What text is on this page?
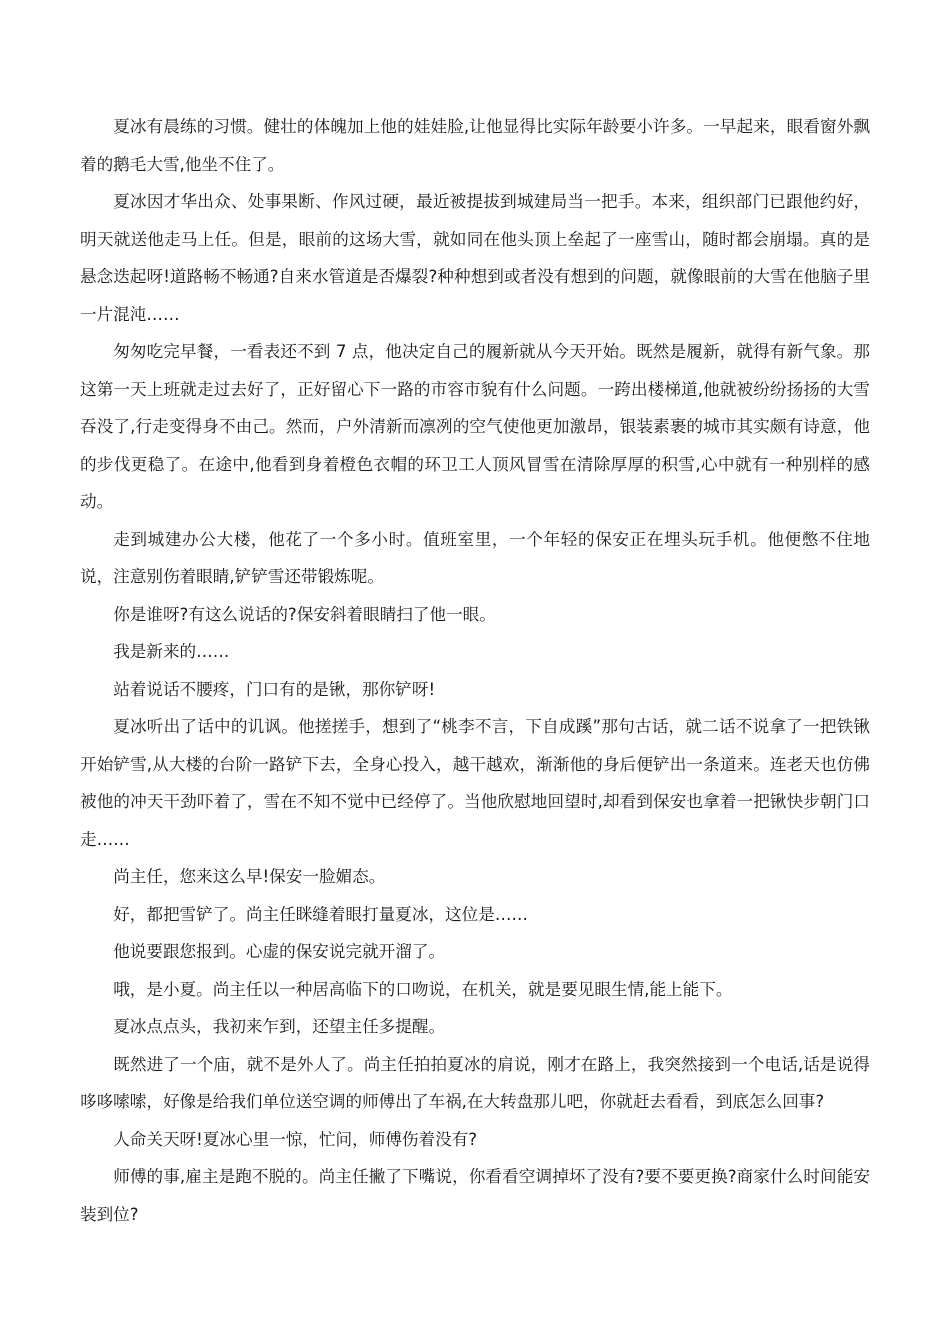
夏冰有晨练的习惯。健壮的体魄加上他的娃娃脸,让他显得比实际年龄要小许多。一早起来，眼看窗外飘着的鹅毛大雪,他坐不住了。

夏冰因才华出众、处事果断、作风过硬，最近被提拔到城建局当一把手。本来，组织部门已跟他约好，明天就送他走马上任。但是，眼前的这场大雪，就如同在他头顶上垒起了一座雪山，随时都会崩塌。真的是悬念迭起呀!道路畅不畅通?自来水管道是否爆裂?种种想到或者没有想到的问题，就像眼前的大雪在他脑子里一片混沌……

匆匆吃完早餐，一看表还不到 7 点，他决定自己的履新就从今天开始。既然是履新，就得有新气象。那这第一天上班就走过去好了，正好留心下一路的市容市貌有什么问题。一跨出楼梯道,他就被纷纷扬扬的大雪吞没了,行走变得身不由己。然而，户外清新而凛冽的空气使他更加激昂，银装素裹的城市其实颇有诗意，他的步伐更稳了。在途中,他看到身着橙色衣帽的环卫工人顶风冒雪在清除厚厚的积雪,心中就有一种别样的感动。

走到城建办公大楼，他花了一个多小时。值班室里，一个年轻的保安正在埋头玩手机。他便憋不住地说，注意别伤着眼睛,铲铲雪还带锻炼呢。

你是谁呀?有这么说话的?保安斜着眼睛扫了他一眼。

我是新来的……

站着说话不腰疼，门口有的是锹，那你铲呀!

夏冰听出了话中的讥讽。他搓搓手，想到了“桃李不言，下自成蹊”那句古话，就二话不说拿了一把铁锹开始铲雪,从大楼的台阶一路铲下去，全身心投入，越干越欢，渐渐他的身后便铲出一条道来。连老天也仿佛被他的冲天干劲吓着了，雪在不知不觉中已经停了。当他欣慰地回望时,却看到保安也拿着一把锹快步朝门口走……

尚主任，您来这么早!保安一脸媚态。

好，都把雪铲了。尚主任眯缝着眼打量夏冰，这位是……

他说要跟您报到。心虚的保安说完就开溜了。

哦，是小夏。尚主任以一种居高临下的口吻说，在机关，就是要见眼生情,能上能下。

夏冰点点头，我初来乍到，还望主任多提醒。

既然进了一个庙，就不是外人了。尚主任拍拍夏冰的肩说，刚才在路上，我突然接到一个电话,话是说得哆哆嗦嗦，好像是给我们单位送空调的师傅出了车祸,在大转盘那儿吧，你就赶去看看，到底怎么回事?

人命关天呀!夏冰心里一惊，忙问，师傅伤着没有?

师傅的事,雇主是跑不脱的。尚主任撇了下嘴说，你看看空调掉坏了没有?要不要更换?商家什么时间能安装到位?
